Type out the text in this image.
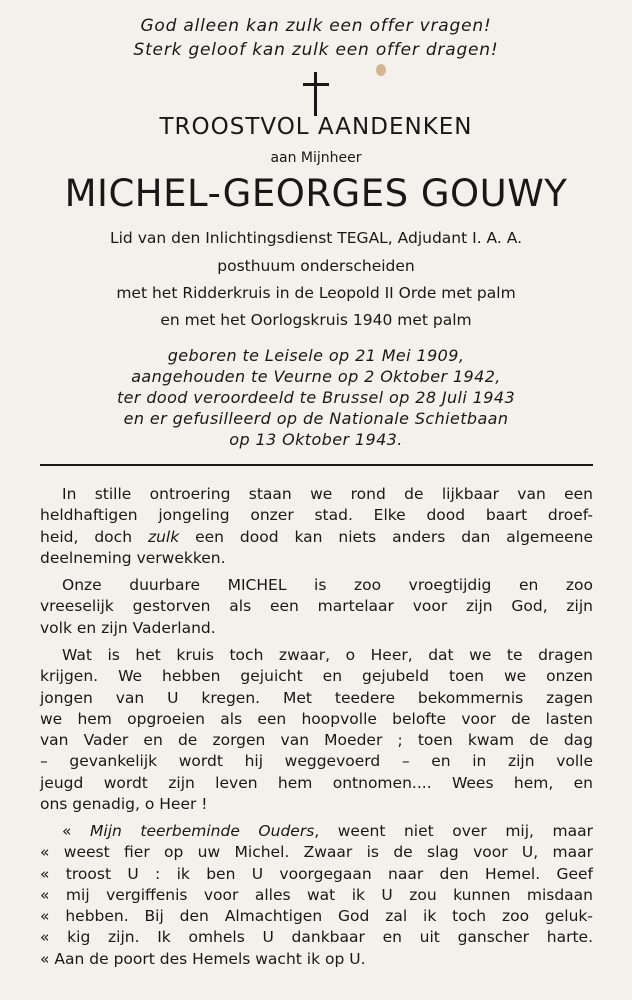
God alleen kan zulk een offer vragen!
Sterk geloof kan zulk een offer dragen!
TROOSTVOL AANDENKEN
aan Mijnheer
MICHEL-GEORGES GOUWY
Lid van den Inlichtingsdienst TEGAL, Adjudant I. A. A.
posthuum onderscheiden
met het Ridderkruis in de Leopold II Orde met palm
en met het Oorlogskruis 1940 met palm
geboren te Leisele op 21 Mei 1909,
aangehouden te Veurne op 2 Oktober 1942,
ter dood veroordeeld te Brussel op 28 Juli 1943
en er gefusilleerd op de Nationale Schietbaan
op 13 Oktober 1943.
In stille ontroering staan we rond de lijkbaar van een
heldhaftigen jongeling onzer stad. Elke dood baart droef-
heid, doch zulk een dood kan niets anders dan algemeene
deelneming verwekken.
Onze duurbare MICHEL is zoo vroegtijdig en zoo
vreeselijk gestorven als een martelaar voor zijn God, zijn
volk en zijn Vaderland.
Wat is het kruis toch zwaar, o Heer, dat we te dragen
krijgen. We hebben gejuicht en gejubeld toen we onzen
jongen van U kregen. Met teedere bekommernis zagen
we hem opgroeien als een hoopvolle belofte voor de lasten
van Vader en de zorgen van Moeder ; toen kwam de dag
– gevankelijk wordt hij weggevoerd – en in zijn volle
jeugd wordt zijn leven hem ontnomen.... Wees hem, en
ons genadig, o Heer !
« Mijn teerbeminde Ouders, weent niet over mij, maar
« weest fier op uw Michel. Zwaar is de slag voor U, maar
« troost U : ik ben U voorgegaan naar den Hemel. Geef
« mij vergiffenis voor alles wat ik U zou kunnen misdaan
« hebben. Bij den Almachtigen God zal ik toch zoo geluk-
« kig zijn. Ik omhels U dankbaar en uit ganscher harte.
« Aan de poort des Hemels wacht ik op U.
